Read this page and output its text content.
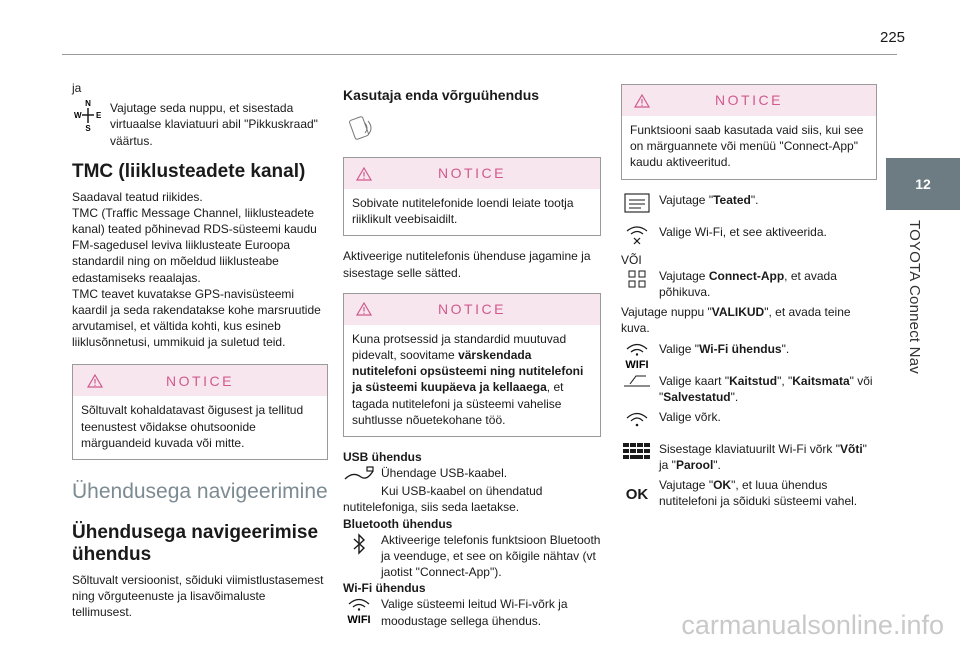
225
12
TOYOTA Connect Nav

ja

N
W E
S

Vajutage seda nuppu, et sisestada virtuaalse klaviatuuri abil "Pikkuskraad" väärtus.

TMC (liiklusteadete kanal)

Saadaval teatud riikides.

TMC (Traffic Message Channel, liiklusteadete kanal) teated põhinevad RDS-süsteemi kaudu FM-sagedusel leviva liiklusteate Euroopa standardil ning on mõeldud liiklusteabe edastamiseks reaalajas.

TMC teavet kuvatakse GPS-navisüsteemi kaardil ja seda rakendatakse kohe marsruutide arvutamisel, et vältida kohti, kus esineb liiklusõnnetusi, ummikuid ja suletud teid.

NOTICE
Sõltuvalt kohaldatavast õigusest ja tellitud teenustest võidakse ohutsoonide märguandeid kuvada või mitte.
Ühendusega navigeerimine
Ühendusega navigeerimise ühendus

Sõltuvalt versioonist, sõiduki viimistlustasemest ning võrguteenuste ja lisavõimaluste tellimusest.

Kasutaja enda võrguühendus
NOTICE
Sobivate nutitelefonide loendi leiate tootja riiklikult veebisaidilt.

Aktiveerige nutitelefonis ühenduse jagamine ja sisestage selle sätted.

NOTICE
Kuna protsessid ja standardid muutuvad pidevalt, soovitame värskendada nutitelefoni opsüsteemi ning nutitelefoni ja süsteemi kuupäeva ja kellaaega, et tagada nutitelefoni ja süsteemi vahelise suhtlusse nõuetekohane töö.

USB ühendus

Ühendage USB-kaabel.

Kui USB-kaabel on ühendatud nutitelefoniga, siis seda laetakse.

Bluetooth ühendus

Aktiveerige telefonis funktsioon Bluetooth ja veenduge, et see on kõigile nähtav (vt jaotist "Connect-App").

Wi-Fi ühendus

WIFI

Valige süsteemi leitud Wi-Fi-võrk ja moodustage sellega ühendus.

NOTICE
Funktsiooni saab kasutada vaid siis, kui see on märguannete või menüü "Connect-App" kaudu aktiveeritud.

Vajutage "Teated".

Valige Wi-Fi, et see aktiveerida.

VÕI

Vajutage Connect-App, et avada põhikuva.

Vajutage nuppu "VALIKUD", et avada teine kuva.

WIFI

Valige "Wi-Fi ühendus".

Valige kaart "Kaitstud", "Kaitsmata" või "Salvestatud".

Valige võrk.

Sisestage klaviatuurilt Wi-Fi võrk "Võti" ja "Parool".

OK

Vajutage "OK", et luua ühendus nutitelefoni ja sõiduki süsteemi vahel.

carmanualsonline.info
